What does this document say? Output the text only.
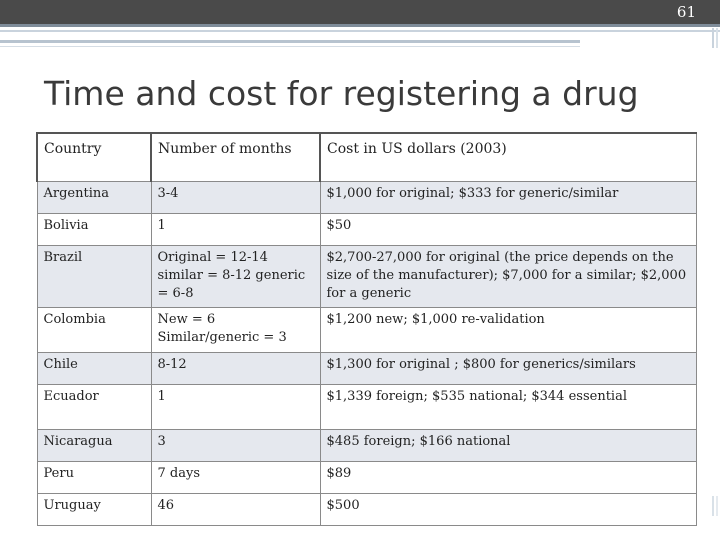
61
Time and cost for registering a drug
Country	Number of months	Cost in US dollars (2003)
Argentina	3-4	$1,000 for original; $333 for generic/similar
Bolivia	1	$50
Brazil	Original = 12-14 similar = 8-12 generic = 6-8	$2,700-27,000 for original (the price depends on the size of the manufacturer); $7,000 for a similar; $2,000 for a generic
Colombia	New = 6 Similar/generic = 3	$1,200 new; $1,000 re-validation
Chile	8-12	$1,300 for original ; $800 for generics/similars
Ecuador	1	$1,339 foreign; $535 national; $344 essential
Nicaragua	3	$485 foreign; $166 national
Peru	7 days	$89
Uruguay	46	$500
